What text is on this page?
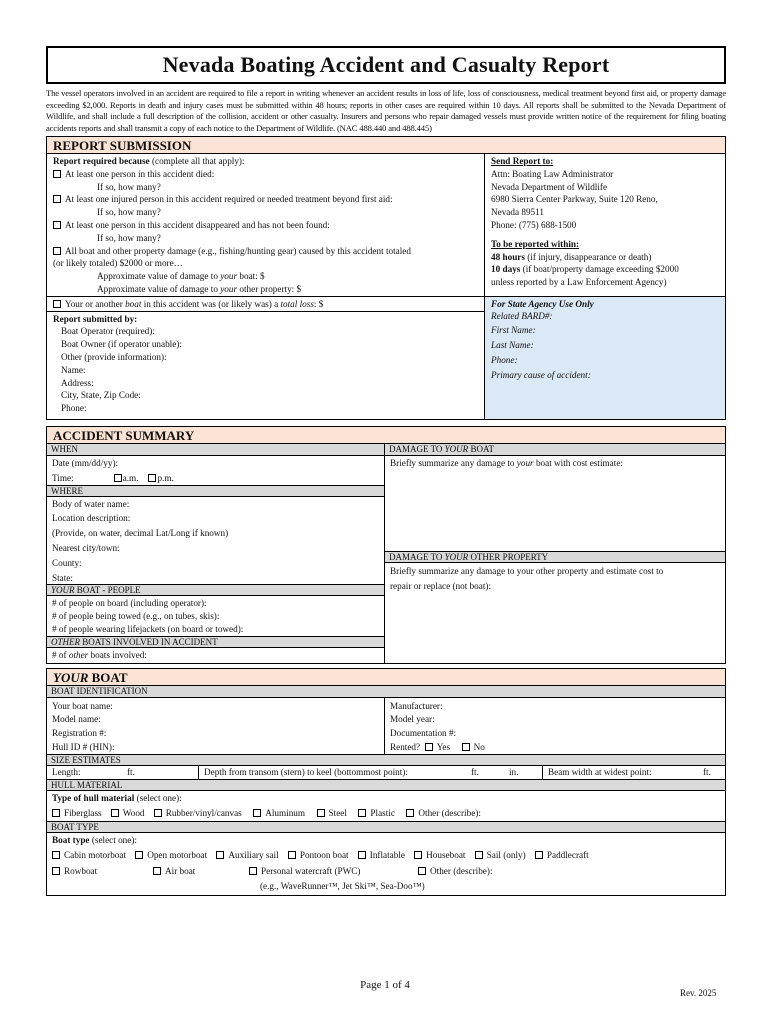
Nevada Boating Accident and Casualty Report
The vessel operators involved in an accident are required to file a report in writing whenever an accident results in loss of life, loss of consciousness, medical treatment beyond first aid, or property damage exceeding $2,000. Reports in death and injury cases must be submitted within 48 hours; reports in other cases are required within 10 days. All reports shall be submitted to the Nevada Department of Wildlife, and shall include a full description of the collision, accident or other casualty. Insurers and persons who repair damaged vessels must provide written notice of the requirement for filing boating accidents reports and shall transmit a copy of each notice to the Department of Wildlife. (NAC 488.440 and 488.445)
REPORT SUBMISSION
Report required because (complete all that apply):
At least one person in this accident died:
If so, how many?
At least one injured person in this accident required or needed treatment beyond first aid:
If so, how many?
At least one person in this accident disappeared and has not been found:
If so, how many?
All boat and other property damage (e.g., fishing/hunting gear) caused by this accident totaled
(or likely totaled) $2000 or more…
Approximate value of damage to your boat: $
Approximate value of damage to your other property: $
Send Report to:
Attn: Boating Law Administrator
Nevada Department of Wildlife
6980 Sierra Center Parkway, Suite 120 Reno,
Nevada 89511
Phone: (775) 688-1500
To be reported within:
48 hours (if injury, disappearance or death)
10 days (if boat/property damage exceeding $2000
unless reported by a Law Enforcement Agency)
Your or another boat in this accident was (or likely was) a total loss: $	For State Agency Use Only
Report submitted by:
Boat Operator (required):
Boat Owner (if operator unable):
Other (provide information):
Name:
Address:
City, State, Zip Code:
Phone:
Related BARD#:
First Name:
Last Name:
Phone:
Primary cause of accident:
ACCIDENT SUMMARY
WHEN
Date (mm/dd/yy):
Time:	a.m. p.m.
WHERE
Body of water name:
Location description:
(Provide, on water, decimal Lat/Long if known)
Nearest city/town:
County:
State:
YOUR BOAT - PEOPLE
# of people on board (including operator):
# of people being towed (e.g., on tubes, skis):
# of people wearing lifejackets (on board or towed):
OTHER BOATS INVOLVED IN ACCIDENT
# of other boats involved:
DAMAGE TO YOUR BOAT
Briefly summarize any damage to your boat with cost estimate:
DAMAGE TO YOUR OTHER PROPERTY
Briefly summarize any damage to your other property and estimate cost to
repair or replace (not boat):
YOUR BOAT
BOAT IDENTIFICATION
Your boat name:
Model name:
Registration #:
Hull ID # (HIN):
Manufacturer:
Model year:
Documentation #:
Rented? Yes	No
SIZE ESTIMATES
Length:	ft.	Depth from transom (stern) to keel (bottommost point):	ft.	in.	Beam width at widest point:	ft.
HULL MATERIAL
Type of hull material (select one):
Fiberglass Wood Rubber/vinyl/canvas	Aluminum	Steel	Plastic	Other (describe):
BOAT TYPE
Boat type (select one):
Cabin motorboat Open motorboat Auxiliary sail Pontoon boat Inflatable Houseboat Sail (only) Paddlecraft
Rowboat	Air boat	Personal watercraft (PWC)	Other (describe):
(e.g., WaveRunner™, Jet Ski™, Sea-Doo™)
Page 1 of 4
Rev. 2025
